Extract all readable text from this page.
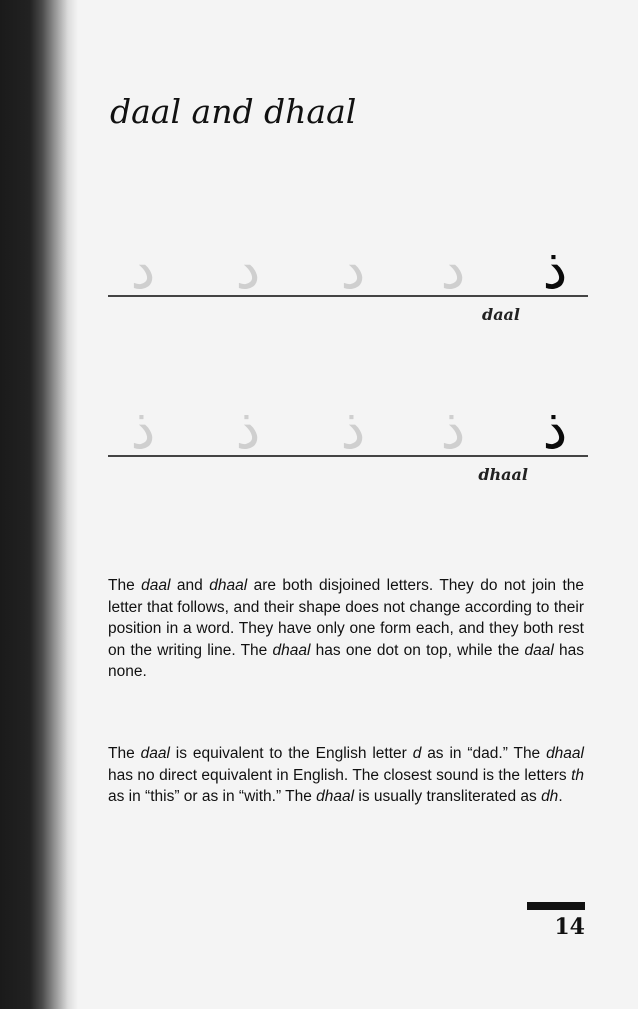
daal and dhaal
د	د	د	د	ذ
daal
ذ	ذ	ذ	ذ	ذ
dhaal

The daal and dhaal are both disjoined letters. They do not join the letter that follows, and their shape does not change according to their position in a word. They have only one form each, and they both rest on the writing line. The dhaal has one dot on top, while the daal has none.

The daal is equivalent to the English letter d as in “dad.” The dhaal has no direct equivalent in English. The closest sound is the letters th as in “this” or as in “with.” The dhaal is usually transliterated as dh.

14
